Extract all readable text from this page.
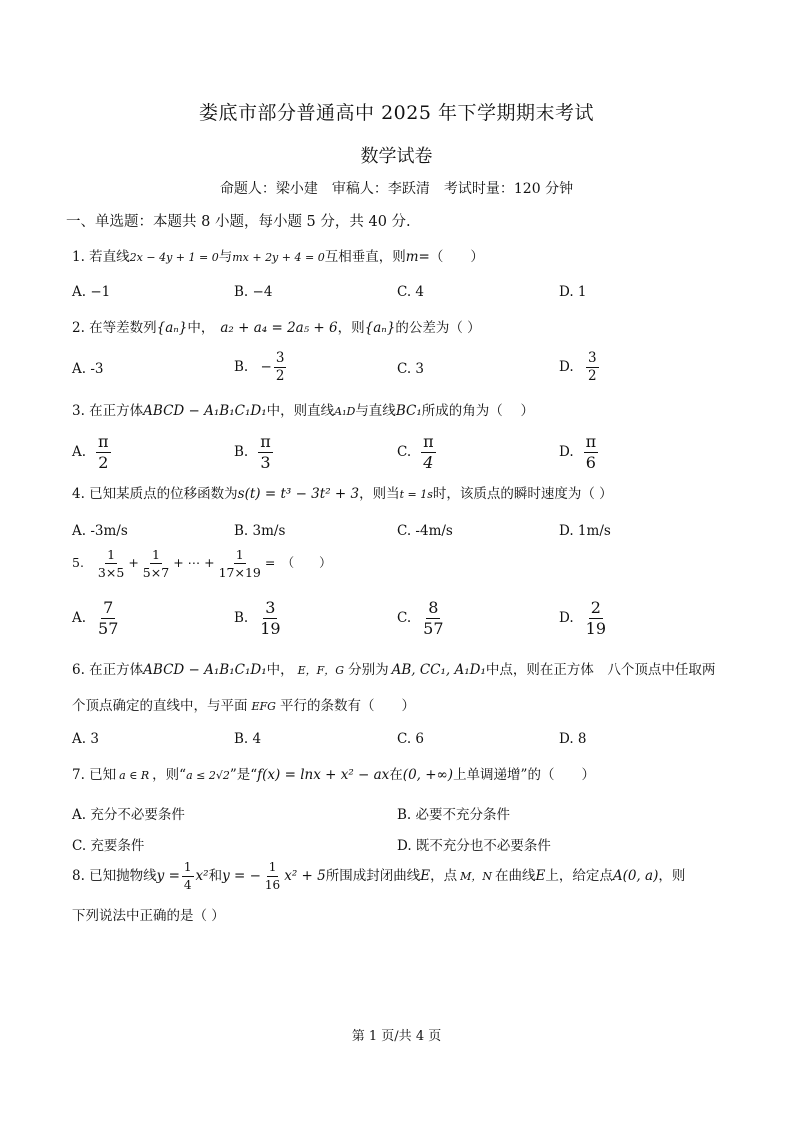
娄底市部分普通高中 2025 年下学期期末考试
数学试卷
命题人：梁小建　审稿人：李跃清　考试时量：120 分钟
一、单选题：本题共 8 小题，每小题 5 分，共 40 分.
1. 若直线2x − 4y + 1 = 0与mx + 2y + 4 = 0互相垂直，则m=（　　）
A. −1	B. −4	C. 4	D. 1
2. 在等差数列{aₙ}中， a₂ + a₄ = 2a₅ + 6，则{aₙ}的公差为（ ）
A. -3	B. − $\frac{3}{2}$	C. 3	D. $\frac{3}{2}$
3. 在正方体ABCD − A₁B₁C₁D₁中，则直线A₁D与直线BC₁所成的角为（　 ）
A. $\frac{\pi}{2}$	B. $\frac{\pi}{3}$	C. $\frac{\pi}{4}$	D. $\frac{\pi}{6}$
4. 已知某质点的位移函数为s(t) = t³ − 3t² + 3，则当t = 1s时，该质点的瞬时速度为（ ）
A. -3m/s	B. 3m/s	C. -4m/s	D. 1m/s
5. $\frac{1}{3\times 5} + \frac{1}{5\times 7}$ + ⋯ + $\frac{1}{17\times 19}$ =　（　　）
A. $\frac{7}{57}$	B. $\frac{3}{19}$	C. $\frac{8}{57}$	D. $\frac{2}{19}$
6. 在正方体ABCD − A₁B₁C₁D₁中， E，F，G 分别为 AB, CC₁, A₁D₁中点，则在正方体　八个顶点中任取两
个顶点确定的直线中，与平面 EFG 平行的条数有（　　）
A. 3	B. 4	C. 6	D. 8
7. 已知 a ∈ R ，则“a ≤ 2√2”是“f(x) = lnx + x² − ax在(0, +∞)上单调递增”的（　　）
A. 充分不必要条件	B. 必要不充分条件
C. 充要条件	D. 既不充分也不必要条件
8. 已知抛物线$y = \frac{1}{4} x^2$和y = − $\frac{1}{16} x^2 + 5$所围成封闭曲线E，点 M，N 在曲线E上，给定点A(0, a)，则
下列说法中正确的是（ ）
第 1 页/共 4 页
